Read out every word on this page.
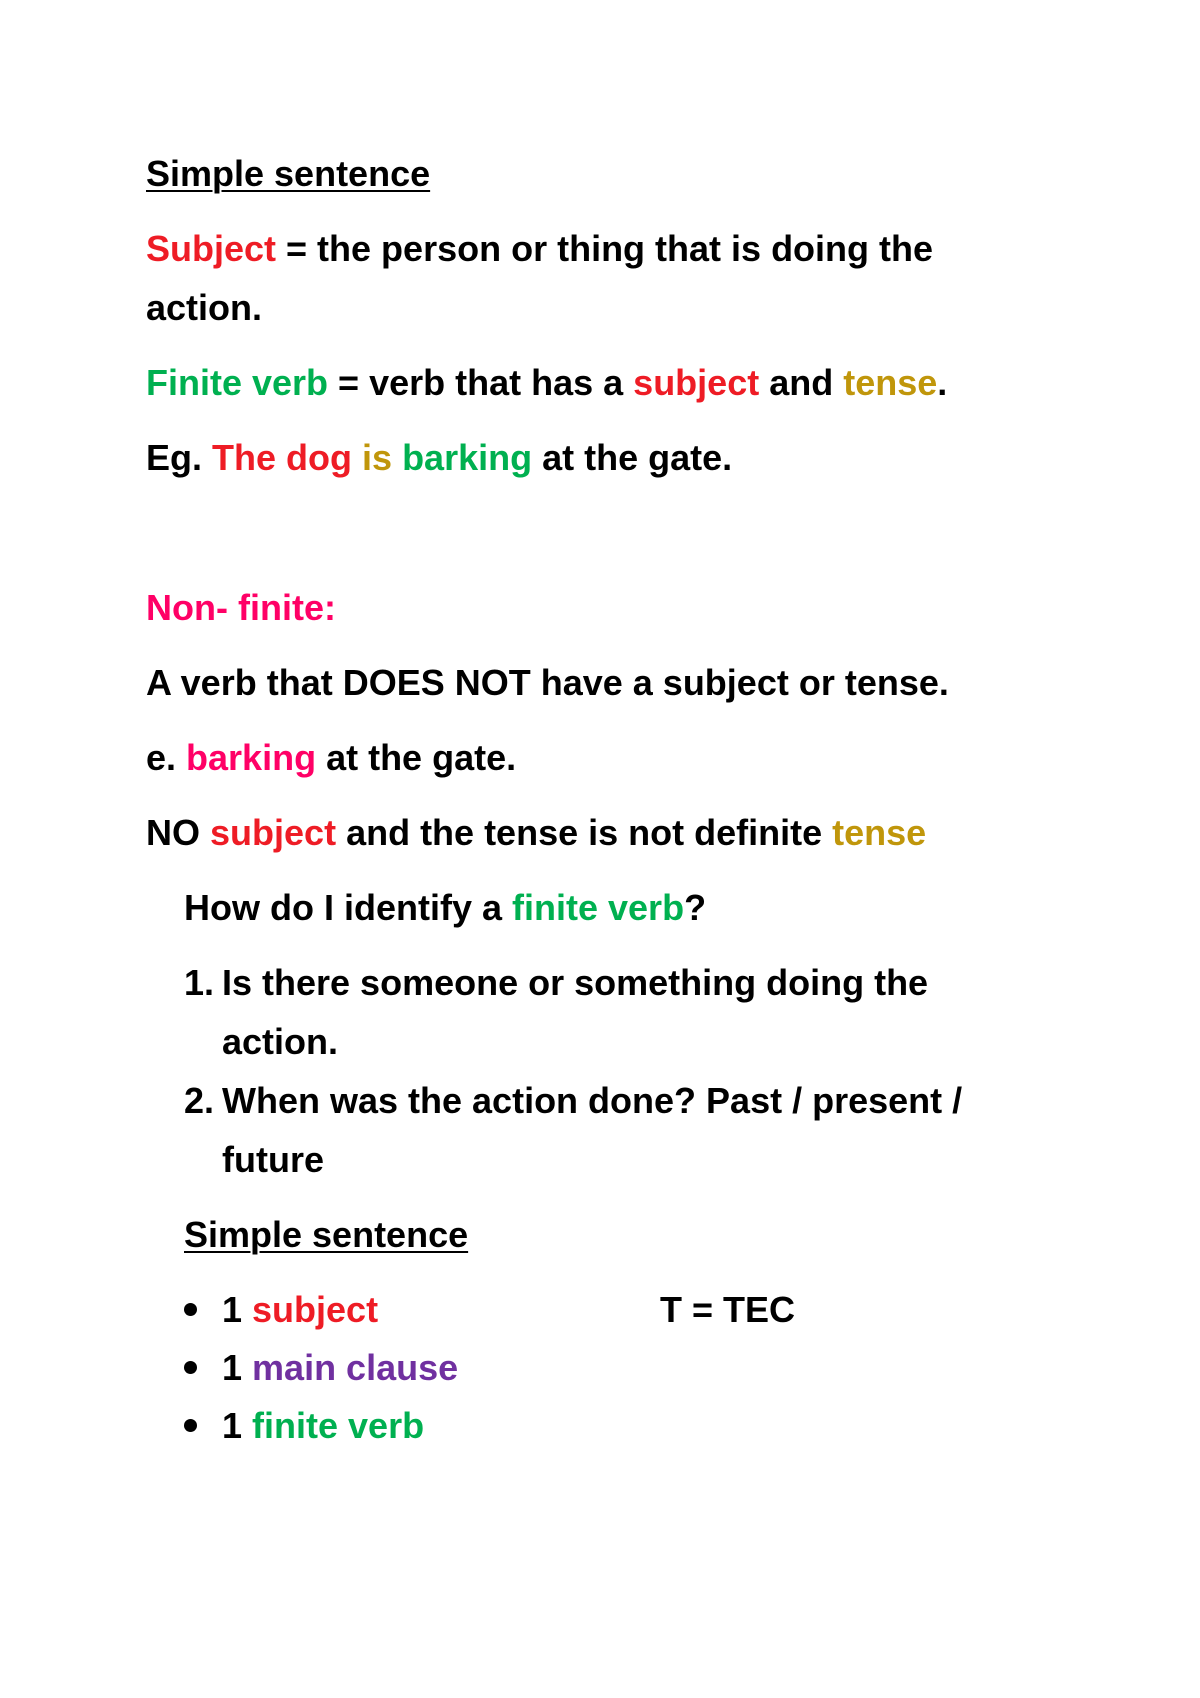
Simple sentence
Subject = the person or thing that is doing the
action.
Finite verb = verb that has a subject and tense.
Eg. The dog is barking at the gate.
Non- finite:
A verb that DOES NOT have a subject or tense.
e. barking at the gate.
NO subject and the tense is not definite tense
How do I identify a finite verb?
1. Is there someone or something doing the
action.
2. When was the action done? Past / present /
future
Simple sentence
1 subject	T = TEC
1 main clause
1 finite verb
